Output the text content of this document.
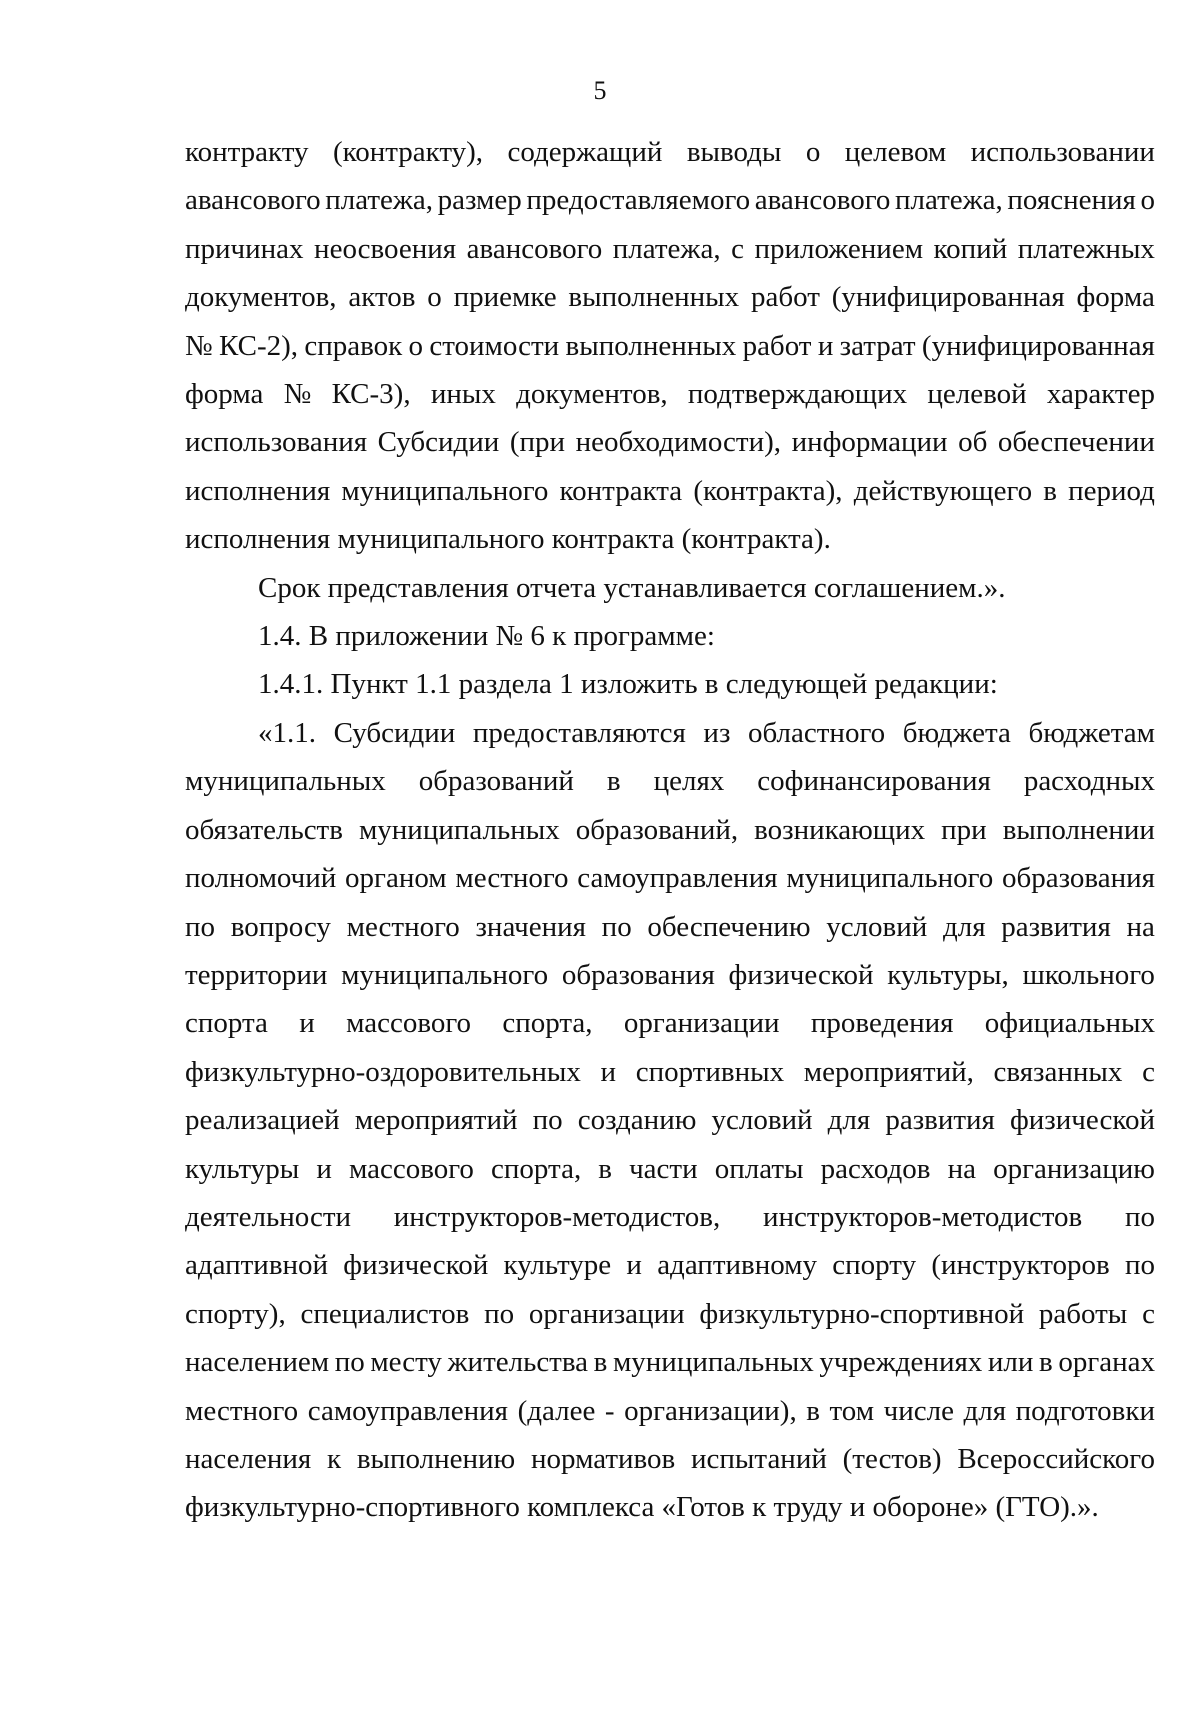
5
контракту (контракту), содержащий выводы о целевом использовании
авансового платежа, размер предоставляемого авансового платежа, пояснения о
причинах неосвоения авансового платежа, с приложением копий платежных
документов, актов о приемке выполненных работ (унифицированная форма
№ КС-2), справок о стоимости выполненных работ и затрат (унифицированная
форма № КС-3), иных документов, подтверждающих целевой характер
использования Субсидии (при необходимости), информации об обеспечении
исполнения муниципального контракта (контракта), действующего в период
исполнения муниципального контракта (контракта).
Срок представления отчета устанавливается соглашением.».
1.4. В приложении № 6 к программе:
1.4.1. Пункт 1.1 раздела 1 изложить в следующей редакции:
«1.1. Субсидии предоставляются из областного бюджета бюджетам
муниципальных образований в целях софинансирования расходных
обязательств муниципальных образований, возникающих при выполнении
полномочий органом местного самоуправления муниципального образования
по вопросу местного значения по обеспечению условий для развития на
территории муниципального образования физической культуры, школьного
спорта и массового спорта, организации проведения официальных
физкультурно-оздоровительных и спортивных мероприятий, связанных с
реализацией мероприятий по созданию условий для развития физической
культуры и массового спорта, в части оплаты расходов на организацию
деятельности инструкторов-методистов, инструкторов-методистов по
адаптивной физической культуре и адаптивному спорту (инструкторов по
спорту), специалистов по организации физкультурно-спортивной работы с
населением по месту жительства в муниципальных учреждениях или в органах
местного самоуправления (далее - организации), в том числе для подготовки
населения к выполнению нормативов испытаний (тестов) Всероссийского
физкультурно-спортивного комплекса «Готов к труду и обороне» (ГТО).».
